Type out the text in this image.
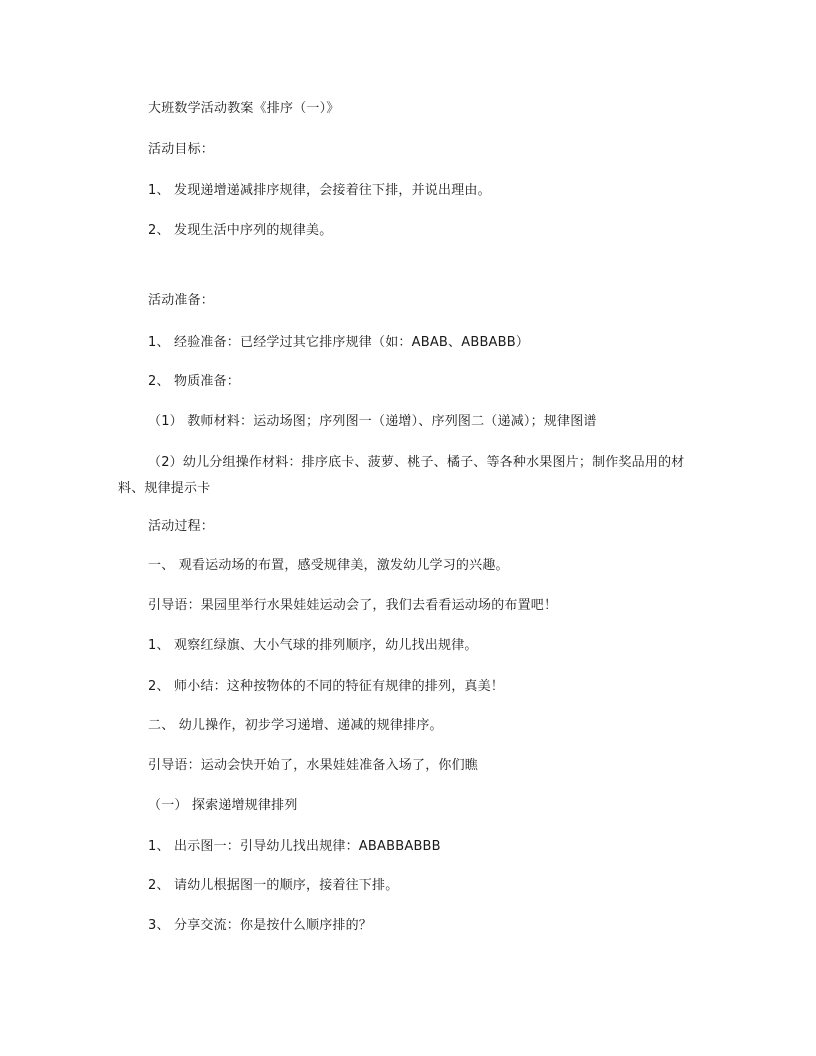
大班数学活动教案《排序（一）》
活动目标：
1、 发现递增递减排序规律，会接着往下排，并说出理由。
2、 发现生活中序列的规律美。
活动准备：
1、 经验准备：已经学过其它排序规律（如：ABAB、ABBABB）
2、 物质准备：
（1） 教师材料：运动场图；序列图一（递增）、序列图二（递减）；规律图谱
（2）幼儿分组操作材料：排序底卡、菠萝、桃子、橘子、等各种水果图片；制作奖品用的材料、规律提示卡
活动过程：
一、 观看运动场的布置，感受规律美，激发幼儿学习的兴趣。
引导语：果园里举行水果娃娃运动会了，我们去看看运动场的布置吧！
1、 观察红绿旗、大小气球的排列顺序，幼儿找出规律。
2、 师小结：这种按物体的不同的特征有规律的排列，真美！
二、 幼儿操作，初步学习递增、递减的规律排序。
引导语：运动会快开始了，水果娃娃准备入场了，你们瞧
（一） 探索递增规律排列
1、 出示图一：引导幼儿找出规律：ABABBABBB
2、 请幼儿根据图一的顺序，接着往下排。
3、 分享交流：你是按什么顺序排的？
